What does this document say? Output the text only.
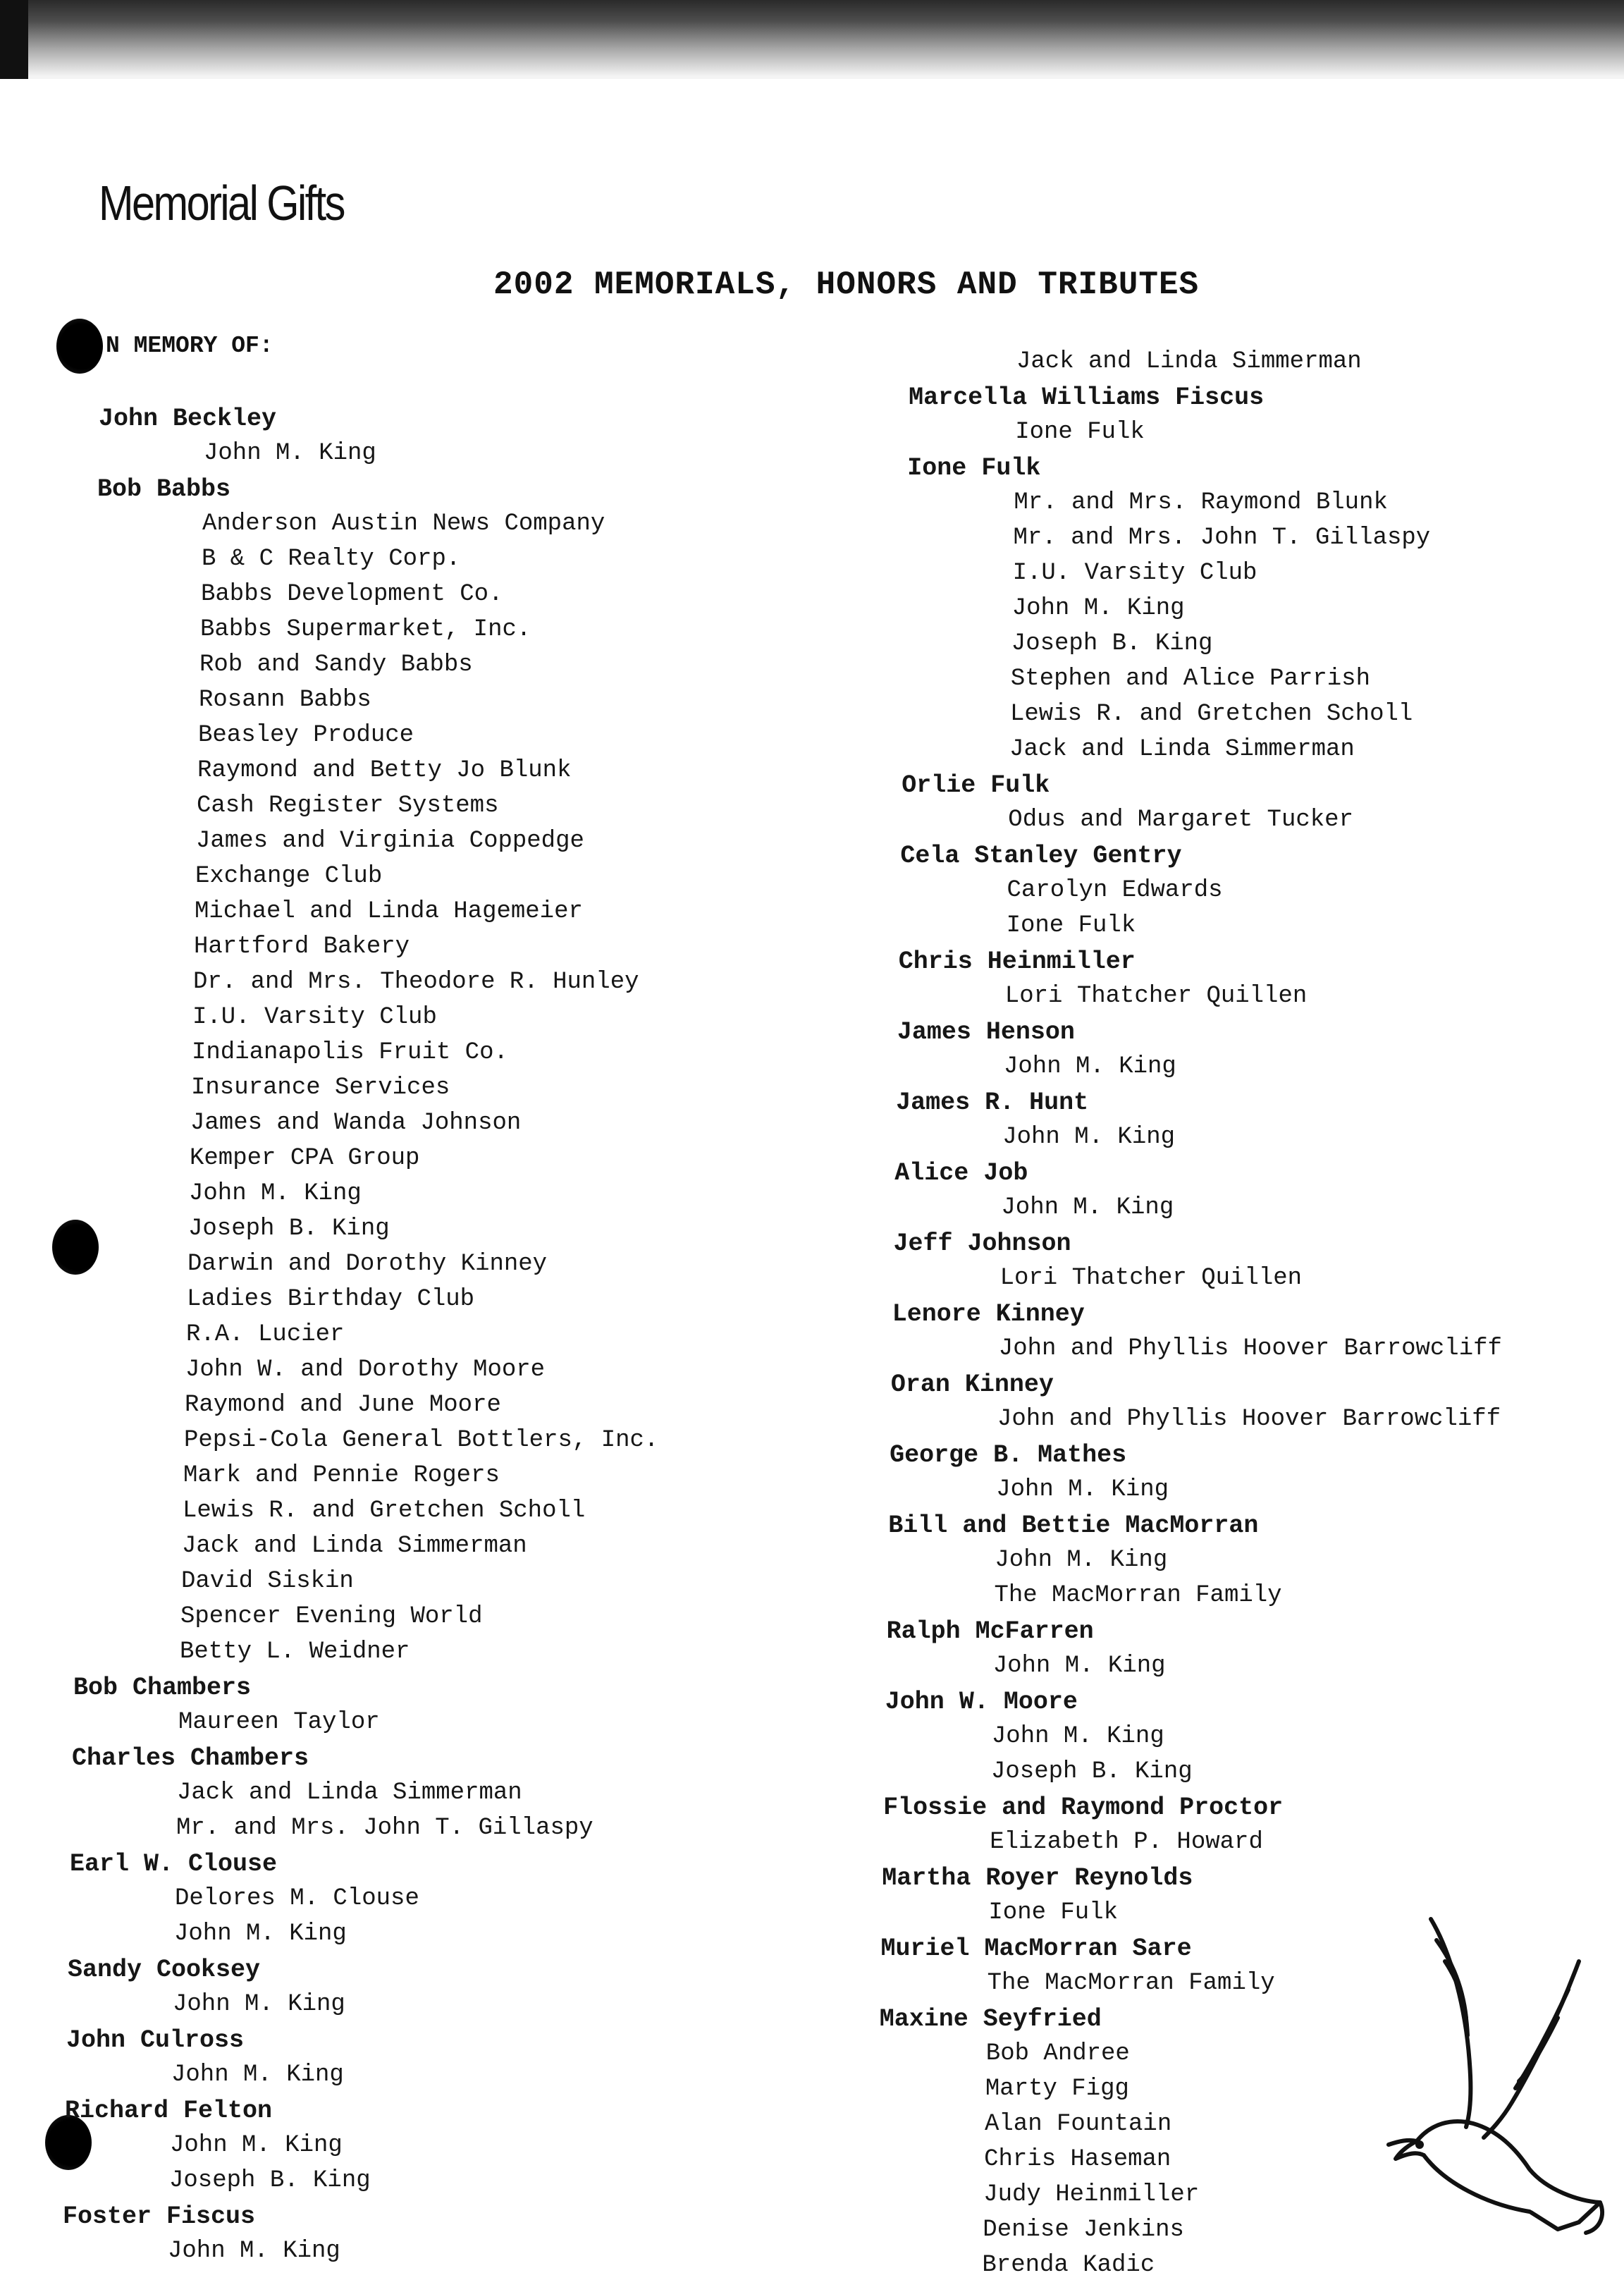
Memorial Gifts
2002 MEMORIALS, HONORS AND TRIBUTES
N MEMORY OF:
John Beckley
John M. King
Bob Babbs
Anderson Austin News Company
B & C Realty Corp.
Babbs Development Co.
Babbs Supermarket, Inc.
Rob and Sandy Babbs
Rosann Babbs
Beasley Produce
Raymond and Betty Jo Blunk
Cash Register Systems
James and Virginia Coppedge
Exchange Club
Michael and Linda Hagemeier
Hartford Bakery
Dr. and Mrs. Theodore R. Hunley
I.U. Varsity Club
Indianapolis Fruit Co.
Insurance Services
James and Wanda Johnson
Kemper CPA Group
John M. King
Joseph B. King
Darwin and Dorothy Kinney
Ladies Birthday Club
R.A. Lucier
John W. and Dorothy Moore
Raymond and June Moore
Pepsi-Cola General Bottlers, Inc.
Mark and Pennie Rogers
Lewis R. and Gretchen Scholl
Jack and Linda Simmerman
David Siskin
Spencer Evening World
Betty L. Weidner
Bob Chambers
Maureen Taylor
Charles Chambers
Jack and Linda Simmerman
Mr. and Mrs. John T. Gillaspy
Earl W. Clouse
Delores M. Clouse
John M. King
Sandy Cooksey
John M. King
John Culross
John M. King
Richard Felton
John M. King
Joseph B. King
Foster Fiscus
John M. King
Jack and Linda Simmerman
Marcella Williams Fiscus
Ione Fulk
Ione Fulk
Mr. and Mrs. Raymond Blunk
Mr. and Mrs. John T. Gillaspy
I.U. Varsity Club
John M. King
Joseph B. King
Stephen and Alice Parrish
Lewis R. and Gretchen Scholl
Jack and Linda Simmerman
Orlie Fulk
Odus and Margaret Tucker
Cela Stanley Gentry
Carolyn Edwards
Ione Fulk
Chris Heinmiller
Lori Thatcher Quillen
James Henson
John M. King
James R. Hunt
John M. King
Alice Job
John M. King
Jeff Johnson
Lori Thatcher Quillen
Lenore Kinney
John and Phyllis Hoover Barrowcliff
Oran Kinney
John and Phyllis Hoover Barrowcliff
George B. Mathes
John M. King
Bill and Bettie MacMorran
John M. King
The MacMorran Family
Ralph McFarren
John M. King
John W. Moore
John M. King
Joseph B. King
Flossie and Raymond Proctor
Elizabeth P. Howard
Martha Royer Reynolds
Ione Fulk
Muriel MacMorran Sare
The MacMorran Family
Maxine Seyfried
Bob Andree
Marty Figg
Alan Fountain
Chris Haseman
Judy Heinmiller
Denise Jenkins
Brenda Kadic
